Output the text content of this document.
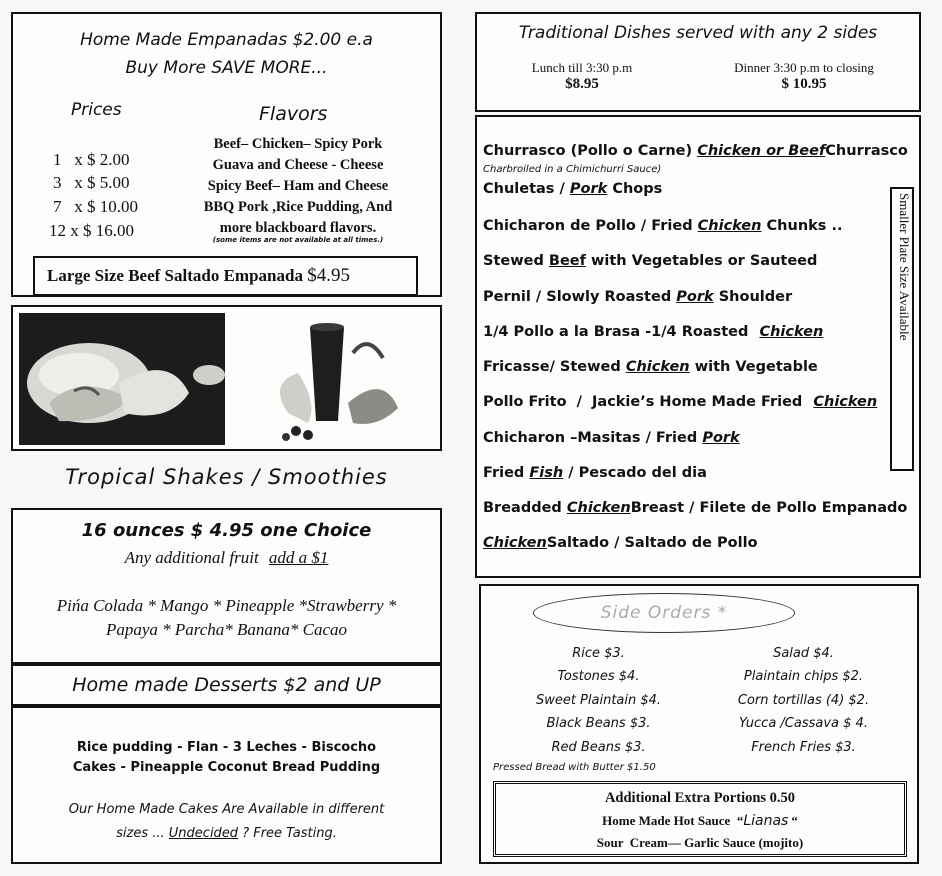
Home Made Empanadas $2.00 e.a
Buy More SAVE MORE...
Prices	Flavors
1   x $ 2.00
3   x $ 5.00
7   x $ 10.00
12 x $ 16.00
Beef– Chicken– Spicy Pork
Guava and Cheese - Cheese
Spicy Beef– Ham and Cheese
BBQ Pork ,Rice Pudding, And
more blackboard flavors.
(some items are not available at all times.)
Large Size Beef Saltado Empanada $4.95
Tropical Shakes / Smoothies
16 ounces $ 4.95 one Choice
Any additional fruit add a $1
Pińa Colada * Mango * Pineapple *Strawberry *
Papaya * Parcha* Banana* Cacao
Home made Desserts $2 and UP
Rice pudding - Flan - 3 Leches - Biscocho
Cakes - Pineapple Coconut Bread Pudding
Our Home Made Cakes Are Available in different
sizes ... Undecided ? Free Tasting.
Traditional Dishes served with any 2 sides
Lunch till 3:30 p.m
$8.95
Dinner 3:30 p.m to closing
$ 10.95
Churrasco (Pollo o Carne) Chicken or BeefChurrasco
Charbroiled in a Chimichurri Sauce)
Chuletas / Pork Chops
Chicharon de Pollo / Fried Chicken Chunks ..
Stewed Beef with Vegetables or Sauteed
Pernil / Slowly Roasted Pork Shoulder
1/4 Pollo a la Brasa -1/4 Roasted Chicken
Fricasse/ Stewed Chicken with Vegetable
Pollo Frito  /  Jackie’s Home Made Fried Chicken
Chicharon –Masitas / Fried Pork
Fried Fish / Pescado del dia
Breadded ChickenBreast / Filete de Pollo Empanado
ChickenSaltado / Saltado de Pollo
Smaller Plate Size Available
Side Orders *
Rice $3.
Tostones $4.
Sweet Plaintain $4.
Black Beans $3.
Red Beans $3.
Salad $4.
Plaintain chips $2.
Corn tortillas (4) $2.
Yucca /Cassava $ 4.
French Fries $3.
Pressed Bread with Butter $1.50
Additional Extra Portions 0.50
Home Made Hot Sauce  “Lianas “
Sour  Cream— Garlic Sauce (mojito)
